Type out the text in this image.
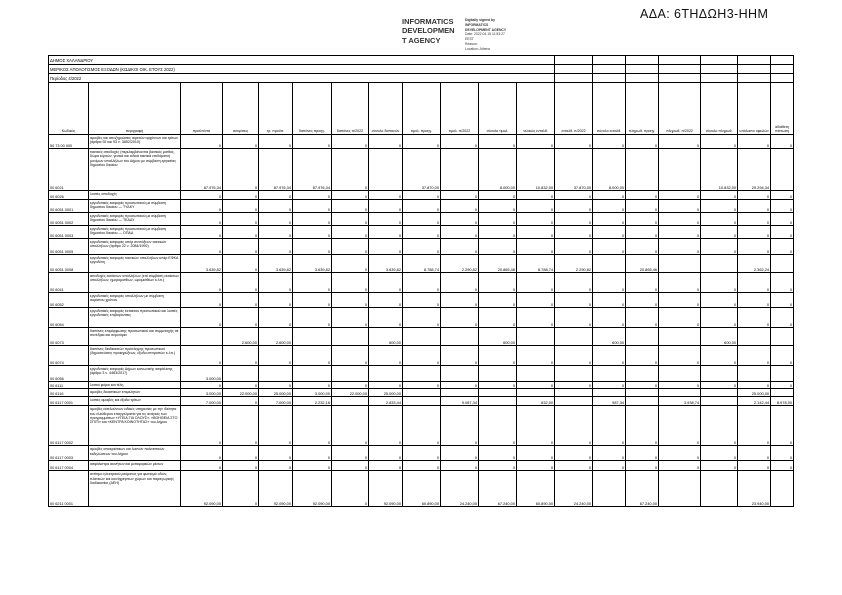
ΑΔΑ: 6ΤΗΔΩΗ3-ΗΗΜ
INFORMATICS
DEVELOPMEN
T AGENCY
Digitally signed by
INFORMATICS
DEVELOPMENT AGENCY
Date: 2022.04.15 11:53:27
EEST
Reason:
Location: Athens
ΔΗΜΟΣ ΧΑΛΑΝΔΡΙΟΥ																		
ΜΕΡΙΚΟΣ ΑΠΟΛΟΓΙΣΜΟΣ ΕΞΟΔΩΝ (ΚΩΔΙΚΟΙ ΟΙΚ. ΕΤΟΥΣ 2022)																		
Περίοδος 4/2022																		
Κωδικός	περιγραφή	προϋπ/ντα	αναμ/σεις	τρ. προϋπ.	δαπάνες προηγ.	δαπάνες π/2022	σύνολο δαπανών	τιμολ. προηγ.	τιμολ. π/2022	σύνολο τιμολ.	τελικώς ενταλθ.	ενταλθ. π/2022	σύνολο ενταλθ.	πληρωθ. προηγ.	πληρωθ. π/2022	σύνολο πληρωθ.	υπόλοιπο οφειλών	αδιάθετη πίστωση
50 73 00 000	αμοιβές και αποζημιώσεις αιρετών αρχόντων και τρίτων (άρθρα 92 και 93 ν. 3852/2010)	0	0	0	0	0	0	0	0	0	0	0	0	0	0	0	0	0
00 6021	τακτικές αποδοχές (περιλαμβάνονται βασικός μισθός, δώρα εορτών, γενικά και ειδικά τακτικά επιδόματα) μονίμων υπαλλήλων του Δήμου με σύμβαση εργασίας δημοσίου δικαίου	87.976,34	0	87.976,34	87.976,34	0		37.870,00		8.000,00	10.832,00	37.870,00	8.000,00			10.832,00	29.294,34	
00 6026	λοιπές αποδοχές	0	0	0	0	0	0	0	0	0	0	0	0	0	0	0	0	0
00 6051 0001	εργοδοτικές εισφορές προσωπικού με σύμβαση δημοσίου δικαίου — ΤΥΔΚΥ	0	0	0	0	0	0	0	0	0	0	0	0	0	0	0	0	0
00 6051 0002	εργοδοτικές εισφορές προσωπικού με σύμβαση δημοσίου δικαίου — ΤΕΑΔΥ	0	0	0	0	0	0	0	0	0	0	0	0	0	0	0	0	0
00 6051 0003	εργοδοτικές εισφορές προσωπικού με σύμβαση δημοσίου δικαίου — ΟΠΑΔ	0	0	0	0	0	0	0	0	0	0	0	0	0	0	0	0	0
00 6051 0005	εργοδοτικές εισφορές υπέρ συντάξεων τακτικών υπαλλήλων (άρθρο 22 ν. 2084/1992)	0	0	0	0	0	0	0	0	0	0	0	0	0	0	0	0	0
00 6051 0008	εργοδοτικές εισφορές τακτικών υπαλλήλων υπέρ ΕΦΚΑ εργοδότη	3.639,82	0	3.639,82	3.639,82	0	3.639,82	8.788,74	2.290,82	20.865,46	8.788,74	2.290,82		20.865,46			2.362,24	
00 6041	αποδοχές εκτάκτων υπαλλήλων (επί σύμβαση εκτάκτων υπαλλήλων, ημερομισθίων, ωρομισθίων κ.λπ.)	0	0	0	0	0	0	0	0	0	0	0	0	0	0	0	0	0
00 6052	εργοδοτικές εισφορές υπαλλήλων με σύμβαση αορίστου χρόνου	0	0	0	0	0	0	0	0	0	0	0	0	0	0	0	0	0
00 6054	εργοδοτικές εισφορές έκτακτου προσωπικού και λοιπές εργοδοτικές επιβαρύνσεις	0	0	0	0	0	0	0	0	0	0	0	0	0	0	0	0	0
00 6073	δαπάνες επιμόρφωσης προσωπικού και συμμετοχής σε συνέδρια και σεμινάρια		2.600,00	2.600,00			600,00			600,00			600,00			600,00		
00 6074	δαπάνες διαδικασιών πρόσληψης προσωπικού (δημοσιεύσεις προκηρύξεων, έξοδα επιτροπών κ.λπ.)	0	0	0	0	0	0	0	0	0	0	0	0	0	0	0	0	0
00 6056	εργοδοτικές εισφορές Δήμων κοινωνικής ασφάλισης (άρθρο 3 ν. 4483/2017)	3.000,00																
00 6111	λοιποί φόροι και τέλη	0	0	0	0	0	0	0	0	0	0	0	0	0	0	0	0	0
00 6116	αμοιβές δικαστικών επιμελητών	3.000,00	22.000,00	25.000,00	3.000,00	22.000,00	25.000,00										25.000,00	
00 6117 0001	λοιπές αμοιβές και έξοδα τρίτων	7.000,00	0	7.000,00	2.232,16		2.833,44		9.087,34		832,00		987,34		3.938,74		2.142,44	8.978,00
00 6117 0002	αμοιβές εκτελούντων ειδικές υπηρεσίες με την ιδιότητα του ελεύθερου επαγγελματία για τις ανάγκες των προγραμμάτων «ΥΓΕΙΑ ΓΙΑ ΟΛΟΥΣ», «ΒΟΗΘΕΙΑ ΣΤΟ ΣΠΙΤΙ» και «ΚΕΝΤΡΑ ΚΟΙΝΟΤΗΤΑΣ» του Δήμου	0	0	0	0	0	0	0	0	0	0	0	0	0	0	0	0	0
00 6117 0003	αμοιβές αποκριάτικων και λοιπών πολιτιστικών εκδηλώσεων του Δήμου	0	0	0	0	0	0	0	0	0	0	0	0	0	0	0	0	0
00 6117 0004	ασφάλιστρα ακινήτων και μεταφορικών μέσων	0	0	0	0	0	0	0	0	0	0	0	0	0	0	0	0	0
00 6211 0001	αντίτιμο ηλεκτρικού ρεύματος για φωτισμό οδών, πλατειών και κοινόχρηστων χώρων και παραγωγικής διαδικασίας (ΔΕΗ)	92.090,00	0	92.090,00	92.090,00	0	92.090,00	60.890,00	24.240,00	67.240,00	60.890,00	24.240,00		67.240,00			23.940,00	
